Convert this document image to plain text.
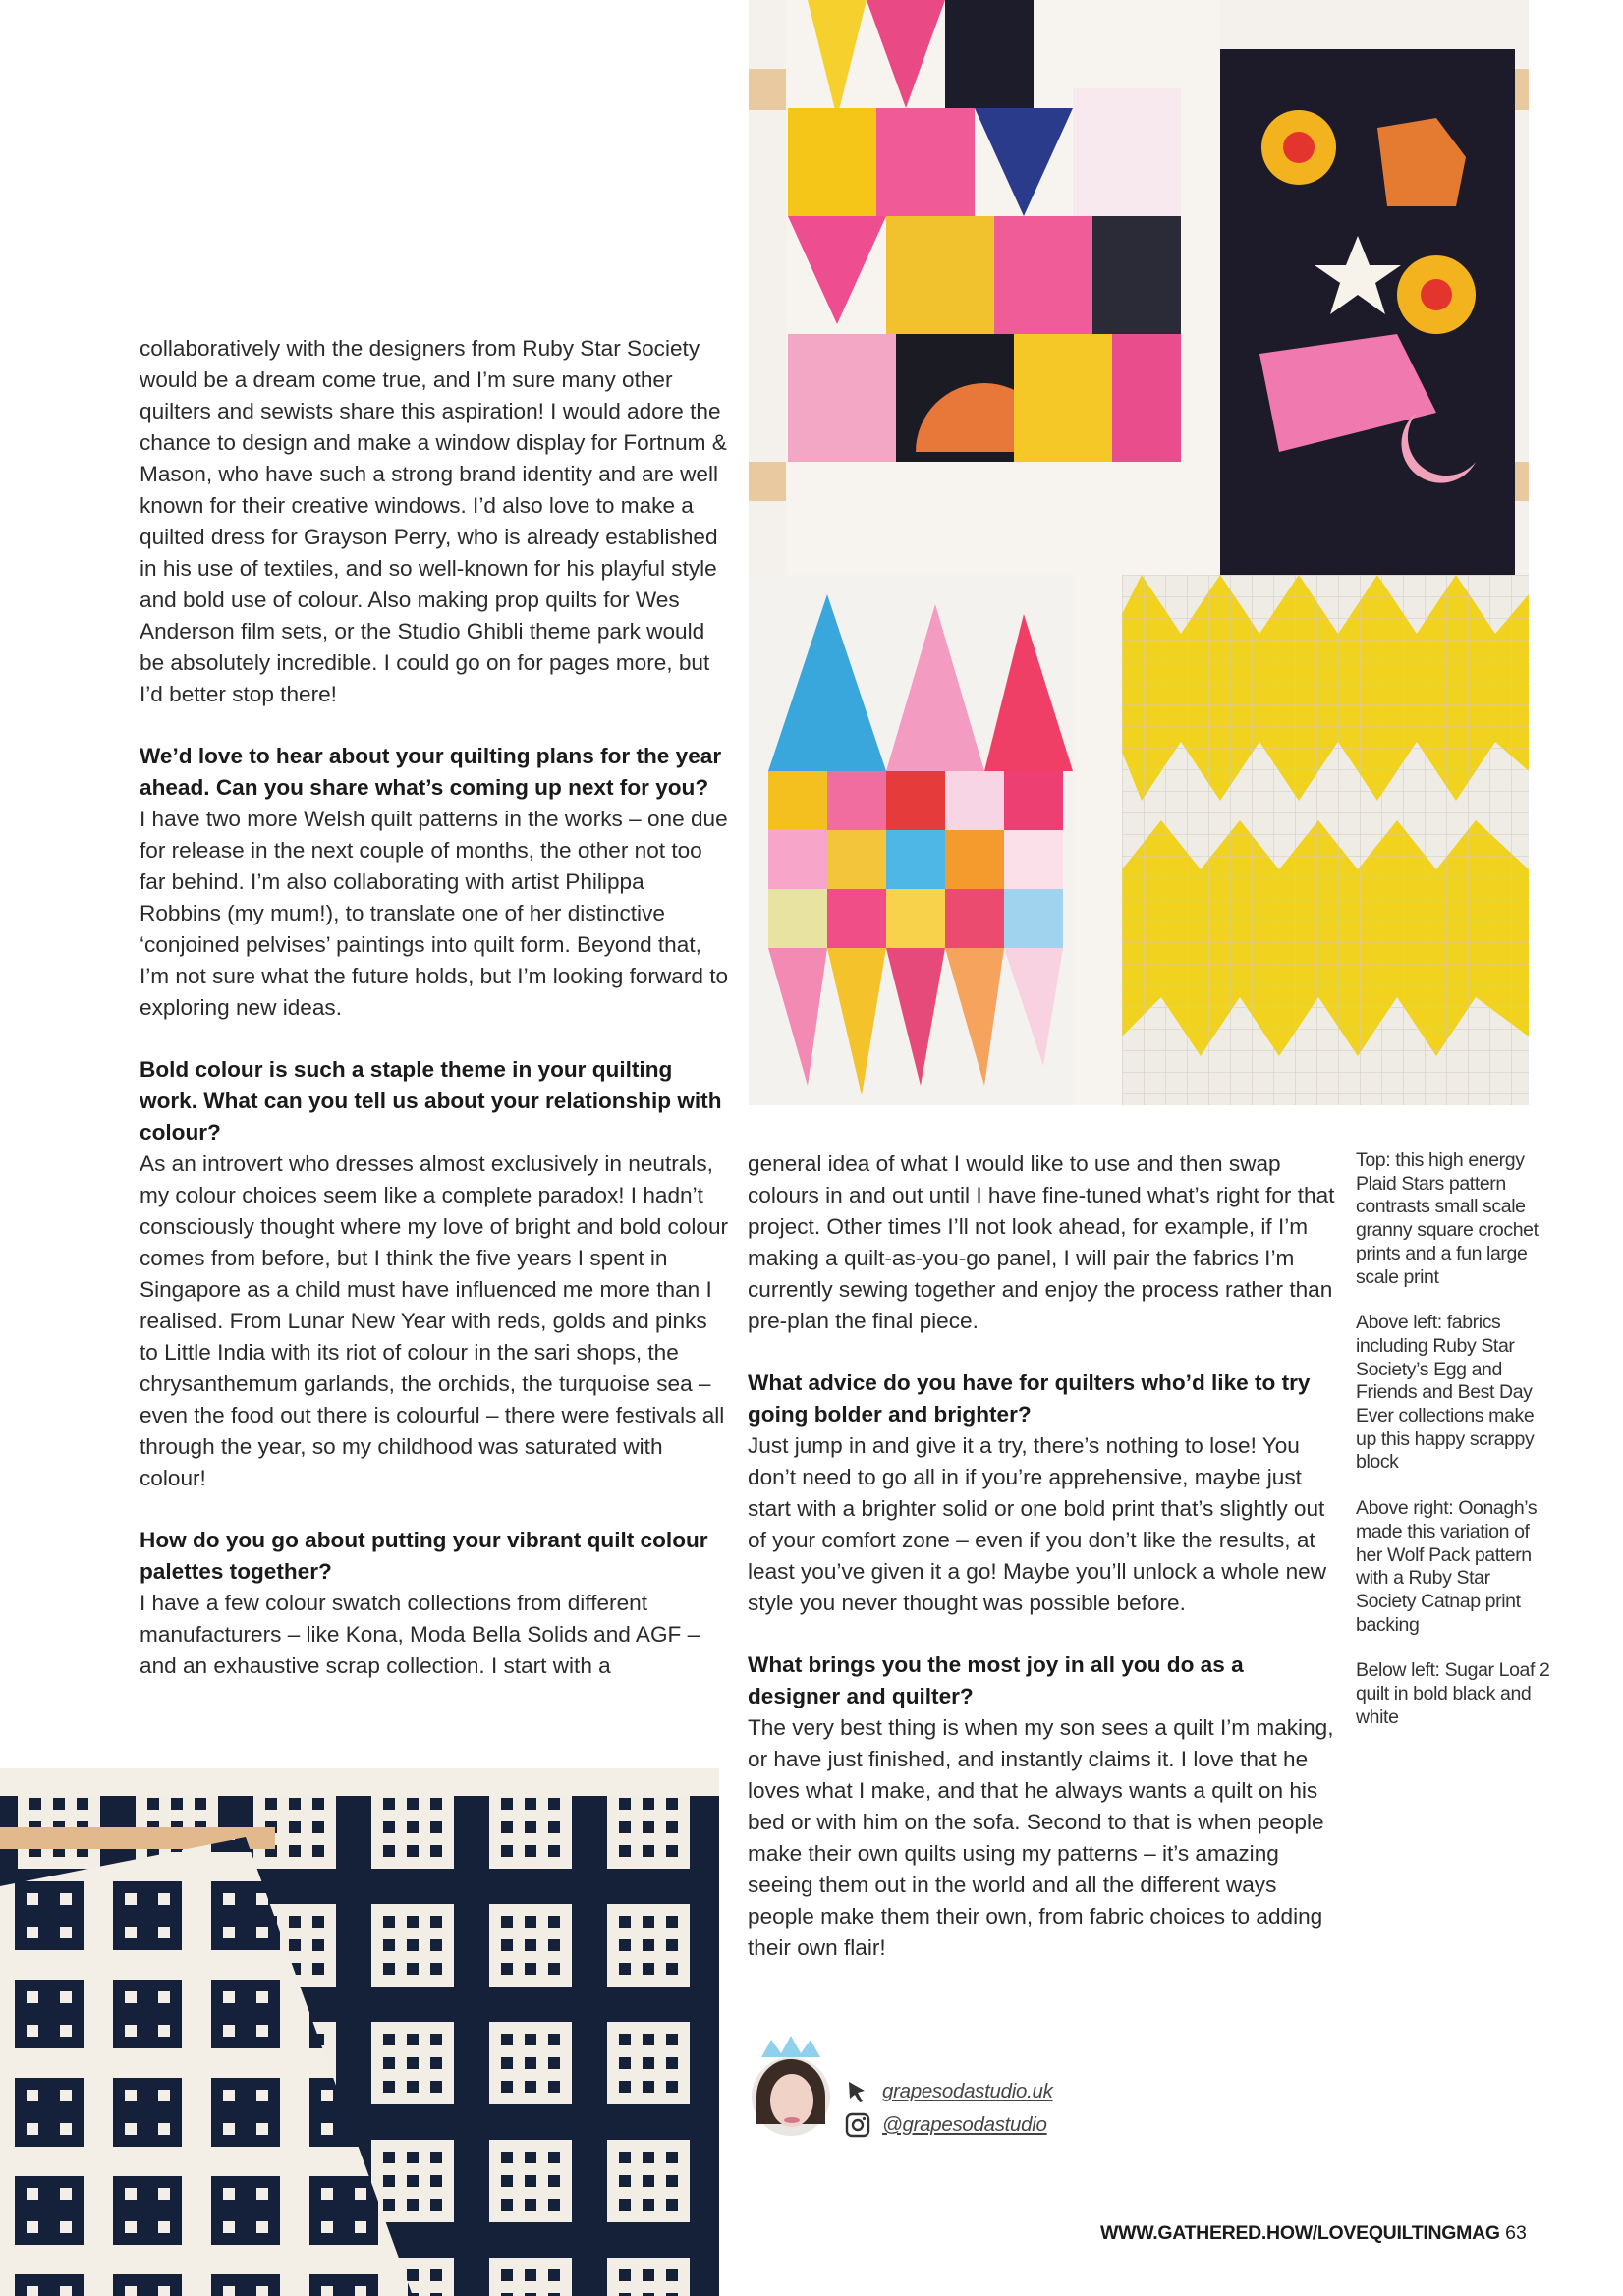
collaboratively with the designers from Ruby Star Society would be a dream come true, and I’m sure many other quilters and sewists share this aspiration! I would adore the chance to design and make a window display for Fortnum & Mason, who have such a strong brand identity and are well known for their creative windows. I’d also love to make a quilted dress for Grayson Perry, who is already established in his use of textiles, and so well-known for his playful style and bold use of colour. Also making prop quilts for Wes Anderson film sets, or the Studio Ghibli theme park would be absolutely incredible. I could go on for pages more, but I’d better stop there!

We’d love to hear about your quilting plans for the year ahead. Can you share what’s coming up next for you?

I have two more Welsh quilt patterns in the works – one due for release in the next couple of months, the other not too far behind. I’m also collaborating with artist Philippa Robbins (my mum!), to translate one of her distinctive ‘conjoined pelvises’ paintings into quilt form. Beyond that, I’m not sure what the future holds, but I’m looking forward to exploring new ideas.

Bold colour is such a staple theme in your quilting work. What can you tell us about your relationship with colour?

As an introvert who dresses almost exclusively in neutrals, my colour choices seem like a complete paradox! I hadn’t consciously thought where my love of bright and bold colour comes from before, but I think the five years I spent in Singapore as a child must have influenced me more than I realised. From Lunar New Year with reds, golds and pinks to Little India with its riot of colour in the sari shops, the chrysanthemum garlands, the orchids, the turquoise sea – even the food out there is colourful – there were festivals all through the year, so my childhood was saturated with colour!

How do you go about putting your vibrant quilt colour palettes together?

I have a few colour swatch collections from different manufacturers – like Kona, Moda Bella Solids and AGF – and an exhaustive scrap collection. I start with a

general idea of what I would like to use and then swap colours in and out until I have fine-tuned what’s right for that project. Other times I’ll not look ahead, for example, if I’m making a quilt-as-you-go panel, I will pair the fabrics I’m currently sewing together and enjoy the process rather than pre-plan the final piece.

What advice do you have for quilters who’d like to try going bolder and brighter?

Just jump in and give it a try, there’s nothing to lose! You don’t need to go all in if you’re apprehensive, maybe just start with a brighter solid or one bold print that’s slightly out of your comfort zone – even if you don’t like the results, at least you’ve given it a go! Maybe you’ll unlock a whole new style you never thought was possible before.

What brings you the most joy in all you do as a designer and quilter?

The very best thing is when my son sees a quilt I’m making, or have just finished, and instantly claims it. I love that he loves what I make, and that he always wants a quilt on his bed or with him on the sofa. Second to that is when people make their own quilts using my patterns – it’s amazing seeing them out in the world and all the different ways people make them their own, from fabric choices to adding their own flair!

Top: this high energy Plaid Stars pattern contrasts small scale granny square crochet prints and a fun large scale print

Above left: fabrics including Ruby Star Society’s Egg and Friends and Best Day Ever collections make up this happy scrappy block

Above right: Oonagh’s made this variation of her Wolf Pack pattern with a Ruby Star Society Catnap print backing

Below left: Sugar Loaf 2 quilt in bold black and white

grapesodastudio.uk
@grapesodastudio
WWW.GATHERED.HOW/LOVEQUILTINGMAG 63
